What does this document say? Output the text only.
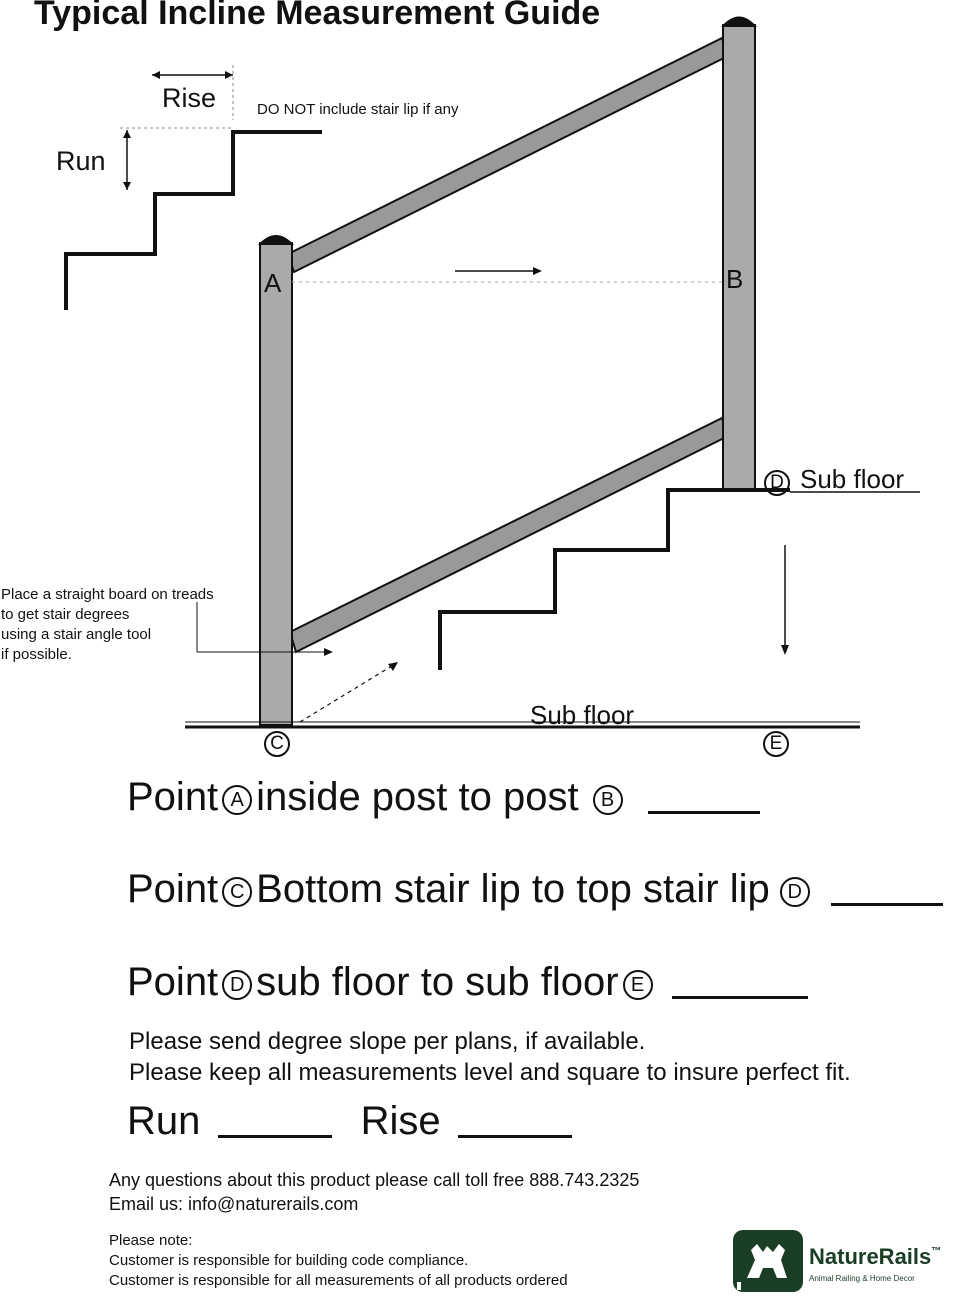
Typical Incline Measurement Guide
Rise
Run
DO NOT include stair lip if any
A	B
D Sub floor
Sub floor
C	E
Place a straight board on treads
to get stair degrees
using a stair angle tool
if possible.
Point A inside post to post B
Point C Bottom stair lip to top stair lip D
Point D sub floor to sub floor E
Please send degree slope per plans, if available.
Please keep all measurements level and square to insure perfect fit.
Run	Rise
Any questions about this product please call toll free 888.743.2325
Email us: info@naturerails.com
Please note:
Customer is responsible for building code compliance.
Customer is responsible for all measurements of all products ordered
NatureRails™
Animal Railing & Home Decor
